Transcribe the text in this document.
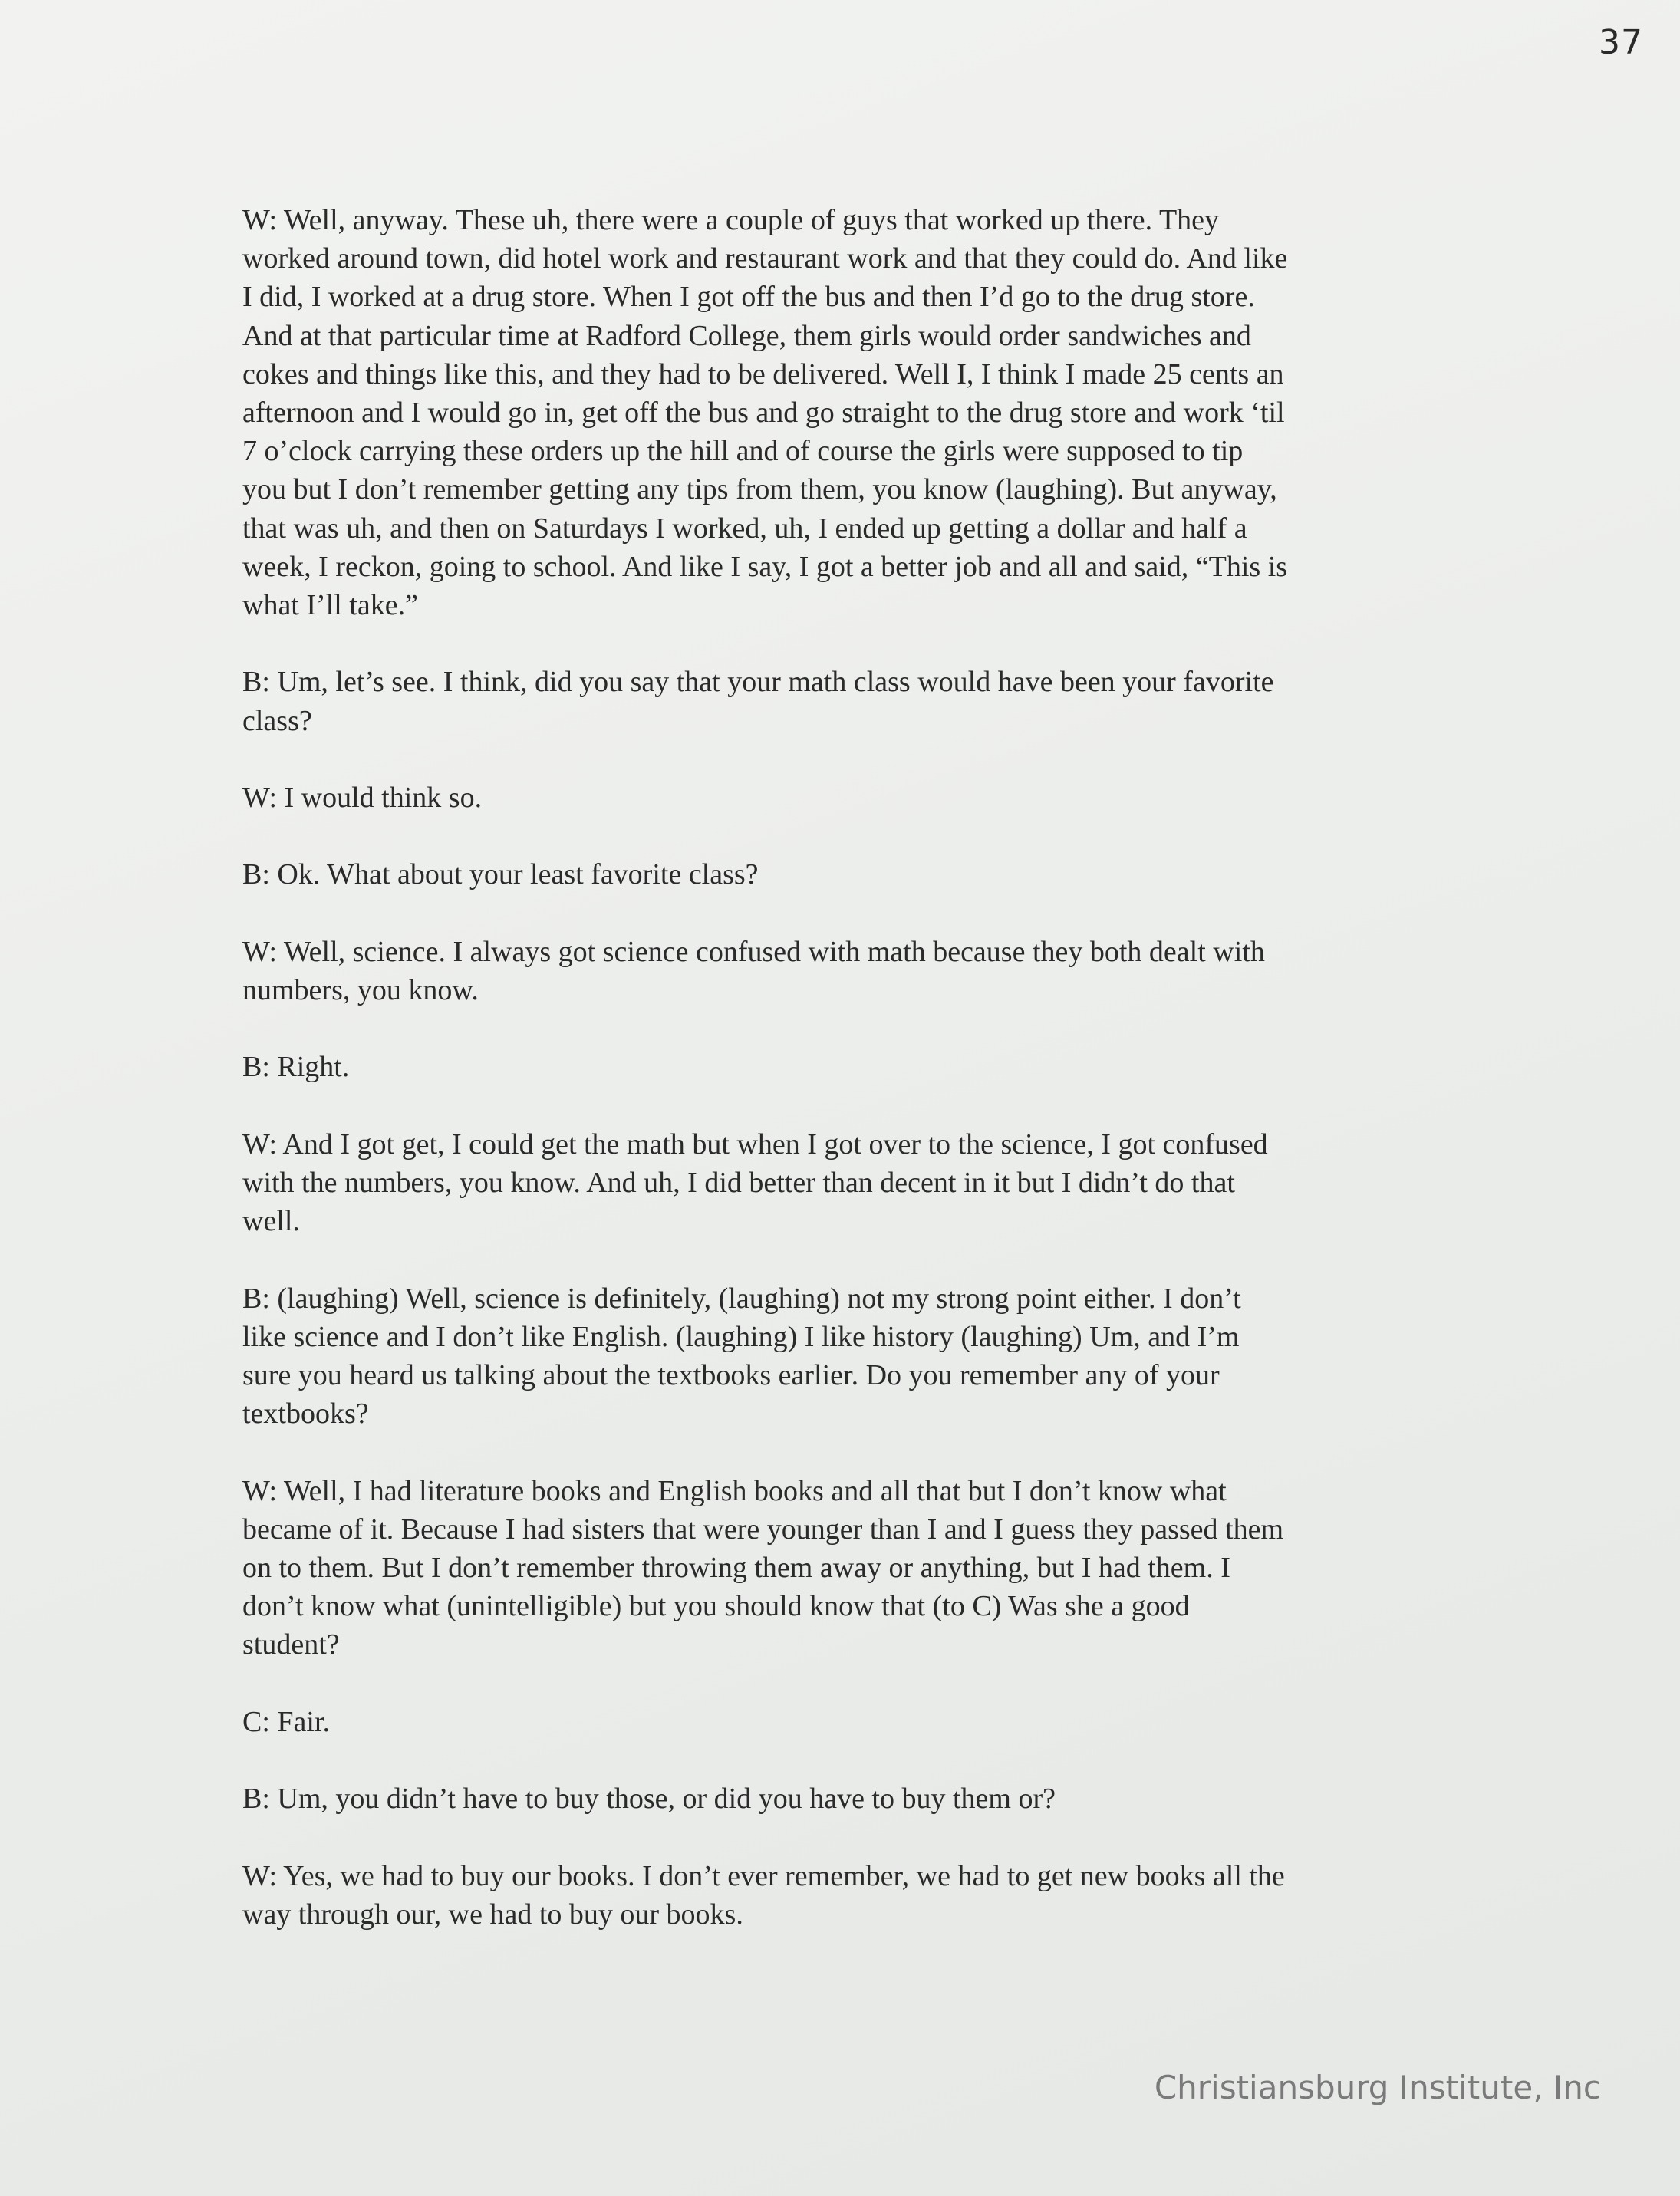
37

W: Well, anyway. These uh, there were a couple of guys that worked up there. They
worked around town, did hotel work and restaurant work and that they could do. And like
I did, I worked at a drug store. When I got off the bus and then I’d go to the drug store.
And at that particular time at Radford College, them girls would order sandwiches and
cokes and things like this, and they had to be delivered. Well I, I think I made 25 cents an
afternoon and I would go in, get off the bus and go straight to the drug store and work ‘til
7 o’clock carrying these orders up the hill and of course the girls were supposed to tip
you but I don’t remember getting any tips from them, you know (laughing). But anyway,
that was uh, and then on Saturdays I worked, uh, I ended up getting a dollar and half a
week, I reckon, going to school. And like I say, I got a better job and all and said, “This is
what I’ll take.”

B: Um, let’s see. I think, did you say that your math class would have been your favorite
class?

W: I would think so.

B: Ok. What about your least favorite class?

W: Well, science. I always got science confused with math because they both dealt with
numbers, you know.

B: Right.

W: And I got get, I could get the math but when I got over to the science, I got confused
with the numbers, you know. And uh, I did better than decent in it but I didn’t do that
well.

B: (laughing) Well, science is definitely, (laughing) not my strong point either. I don’t
like science and I don’t like English. (laughing) I like history (laughing) Um, and I’m
sure you heard us talking about the textbooks earlier. Do you remember any of your
textbooks?

W: Well, I had literature books and English books and all that but I don’t know what
became of it. Because I had sisters that were younger than I and I guess they passed them
on to them. But I don’t remember throwing them away or anything, but I had them. I
don’t know what (unintelligible) but you should know that (to C) Was she a good
student?

C: Fair.

B: Um, you didn’t have to buy those, or did you have to buy them or?

W: Yes, we had to buy our books. I don’t ever remember, we had to get new books all the
way through our, we had to buy our books.

Christiansburg Institute, Inc
